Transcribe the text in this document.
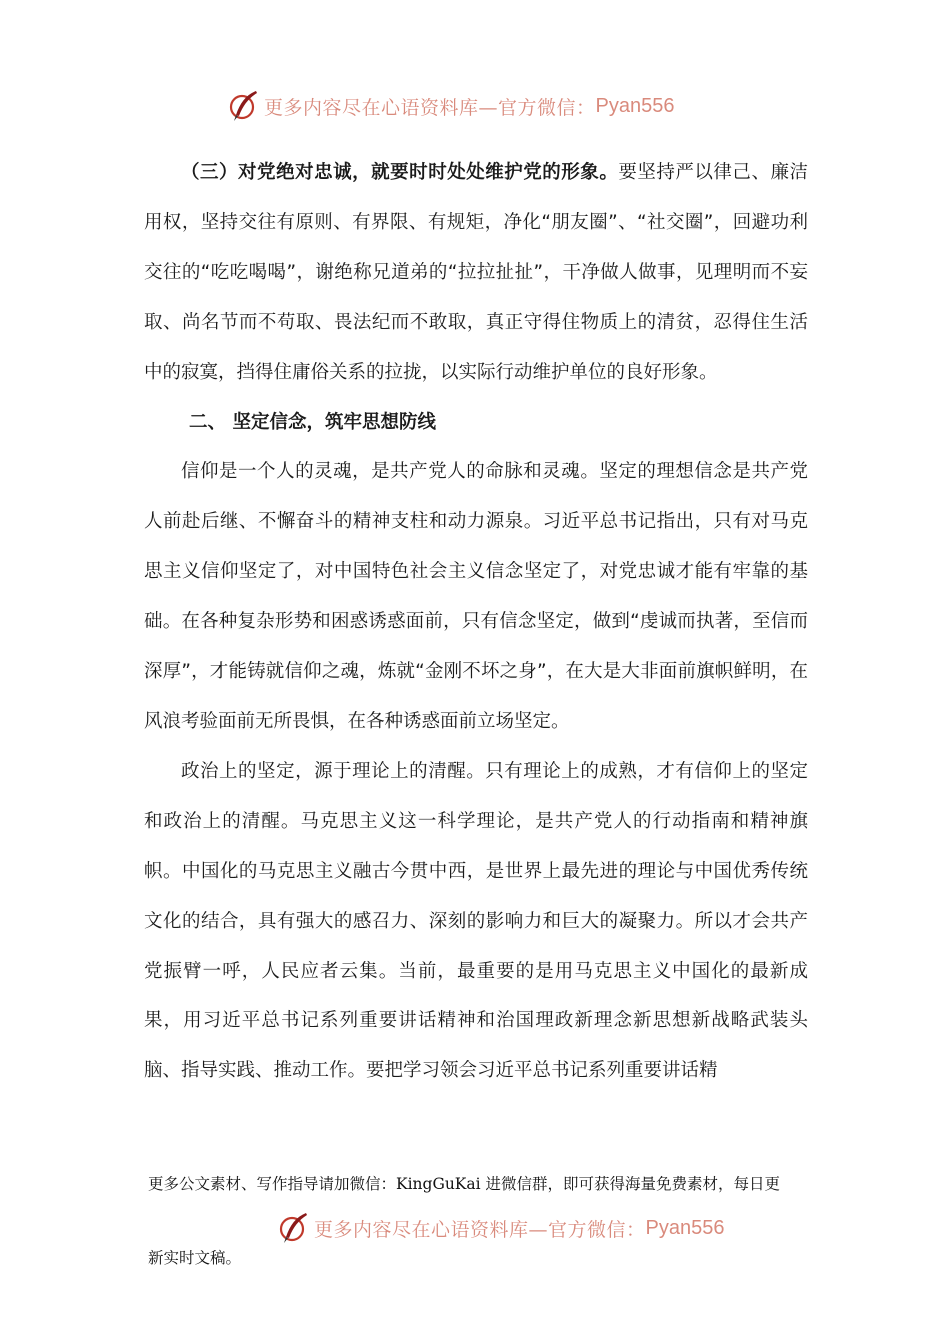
更多内容尽在心语资料库—官方微信： Pyan556

（三）对党绝对忠诚，就要时时处处维护党的形象。要坚持严以律己、廉洁用权，坚持交往有原则、有界限、有规矩，净化“朋友圈”、“社交圈”，回避功利交往的“吃吃喝喝”，谢绝称兄道弟的“拉拉扯扯”，干净做人做事，见理明而不妄取、尚名节而不苟取、畏法纪而不敢取，真正守得住物质上的清贫，忍得住生活中的寂寞，挡得住庸俗关系的拉拢，以实际行动维护单位的良好形象。

二、 坚定信念，筑牢思想防线

信仰是一个人的灵魂，是共产党人的命脉和灵魂。坚定的理想信念是共产党人前赴后继、不懈奋斗的精神支柱和动力源泉。习近平总书记指出，只有对马克思主义信仰坚定了，对中国特色社会主义信念坚定了，对党忠诚才能有牢靠的基础。在各种复杂形势和困惑诱惑面前，只有信念坚定，做到“虔诚而执著，至信而深厚”，才能铸就信仰之魂，炼就“金刚不坏之身”，在大是大非面前旗帜鲜明，在风浪考验面前无所畏惧，在各种诱惑面前立场坚定。

政治上的坚定，源于理论上的清醒。只有理论上的成熟，才有信仰上的坚定和政治上的清醒。马克思主义这一科学理论，是共产党人的行动指南和精神旗帜。中国化的马克思主义融古今贯中西，是世界上最先进的理论与中国优秀传统文化的结合，具有强大的感召力、深刻的影响力和巨大的凝聚力。所以才会共产党振臂一呼，人民应者云集。当前，最重要的是用马克思主义中国化的最新成果，用习近平总书记系列重要讲话精神和治国理政新理念新思想新战略武装头脑、指导实践、推动工作。要把学习领会习近平总书记系列重要讲话精

更多公文素材、写作指导请加微信：KingGuKai 进微信群，即可获得海量免费素材，每日更
更多内容尽在心语资料库—官方微信： Pyan556
新实时文稿。
